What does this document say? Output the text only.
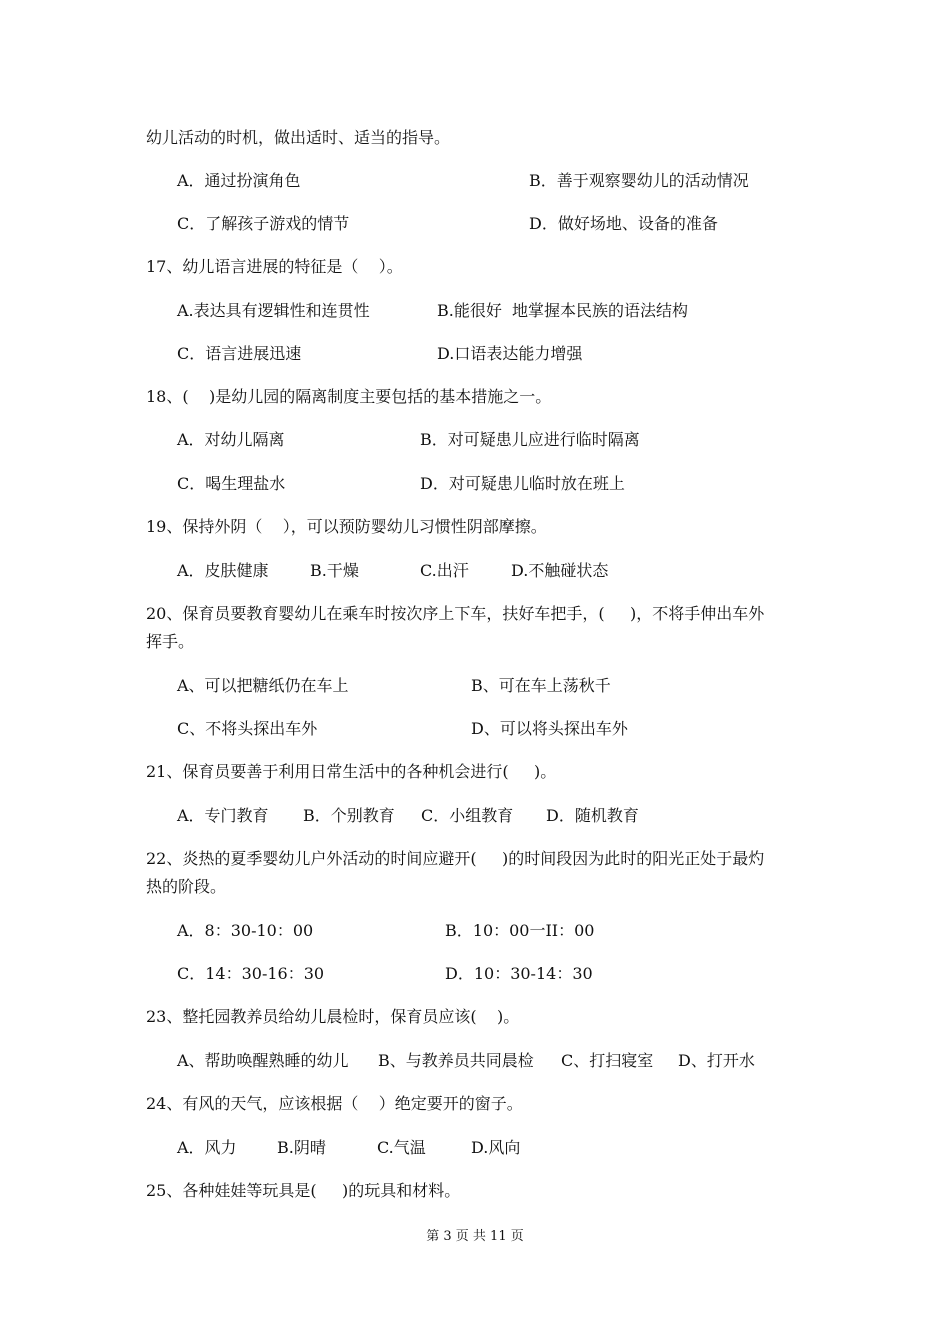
幼儿活动的时机，做出适时、适当的指导。
A．通过扮演角色	B．善于观察婴幼儿的活动情况
C．了解孩子游戏的情节	D．做好场地、设备的准备
17、幼儿语言进展的特征是（    ）。
A.表达具有逻辑性和连贯性	B.能很好  地掌握本民族的语法结构
C．语言进展迅速	D.口语表达能力增强
18、(    )是幼儿园的隔离制度主要包括的基本措施之一。
A．对幼儿隔离	B．对可疑患儿应进行临时隔离
C．喝生理盐水	D．对可疑患儿临时放在班上
19、保持外阴（    ），可以预防婴幼儿习惯性阴部摩擦。
A．皮肤健康	B.干燥	C.出汗	D.不触碰状态
20、保育员要教育婴幼儿在乘车时按次序上下车，扶好车把手，(     )，不将手伸出车外
挥手。
A、可以把糖纸仍在车上	B、可在车上荡秋千
C、不将头探出车外	D、可以将头探出车外
21、保育员要善于利用日常生活中的各种机会进行(     )。
A．专门教育 B．个别教育 C．小组教育 D．随机教育
22、炎热的夏季婴幼儿户外活动的时间应避开(     )的时间段因为此时的阳光正处于最灼
热的阶段。
A．8：30-10：00	B．10：00一II：00
C．14：30-16：30	D．10：30-14：30
23、整托园教养员给幼儿晨检时，保育员应该(    )。
A、帮助唤醒熟睡的幼儿 B、与教养员共同晨检 C、打扫寝室 D、打开水
24、有风的天气，应该根据（    ）绝定要开的窗子。
A．风力	B.阴晴	C.气温	D.风向
25、各种娃娃等玩具是(     )的玩具和材料。
第 3 页 共 11 页
